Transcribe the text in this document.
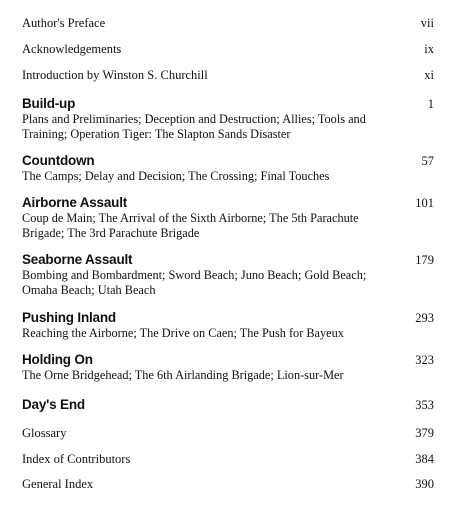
Author's Preface	vii
Acknowledgements	ix
Introduction by Winston S. Churchill	xi
Build-up	1
Plans and Preliminaries; Deception and Destruction; Allies; Tools and Training; Operation Tiger: The Slapton Sands Disaster
Countdown	57
The Camps; Delay and Decision; The Crossing; Final Touches
Airborne Assault	101
Coup de Main; The Arrival of the Sixth Airborne; The 5th Parachute Brigade; The 3rd Parachute Brigade
Seaborne Assault	179
Bombing and Bombardment; Sword Beach; Juno Beach; Gold Beach; Omaha Beach; Utah Beach
Pushing Inland	293
Reaching the Airborne; The Drive on Caen; The Push for Bayeux
Holding On	323
The Orne Bridgehead; The 6th Airlanding Brigade; Lion-sur-Mer
Day's End	353
Glossary	379
Index of Contributors	384
General Index	390
